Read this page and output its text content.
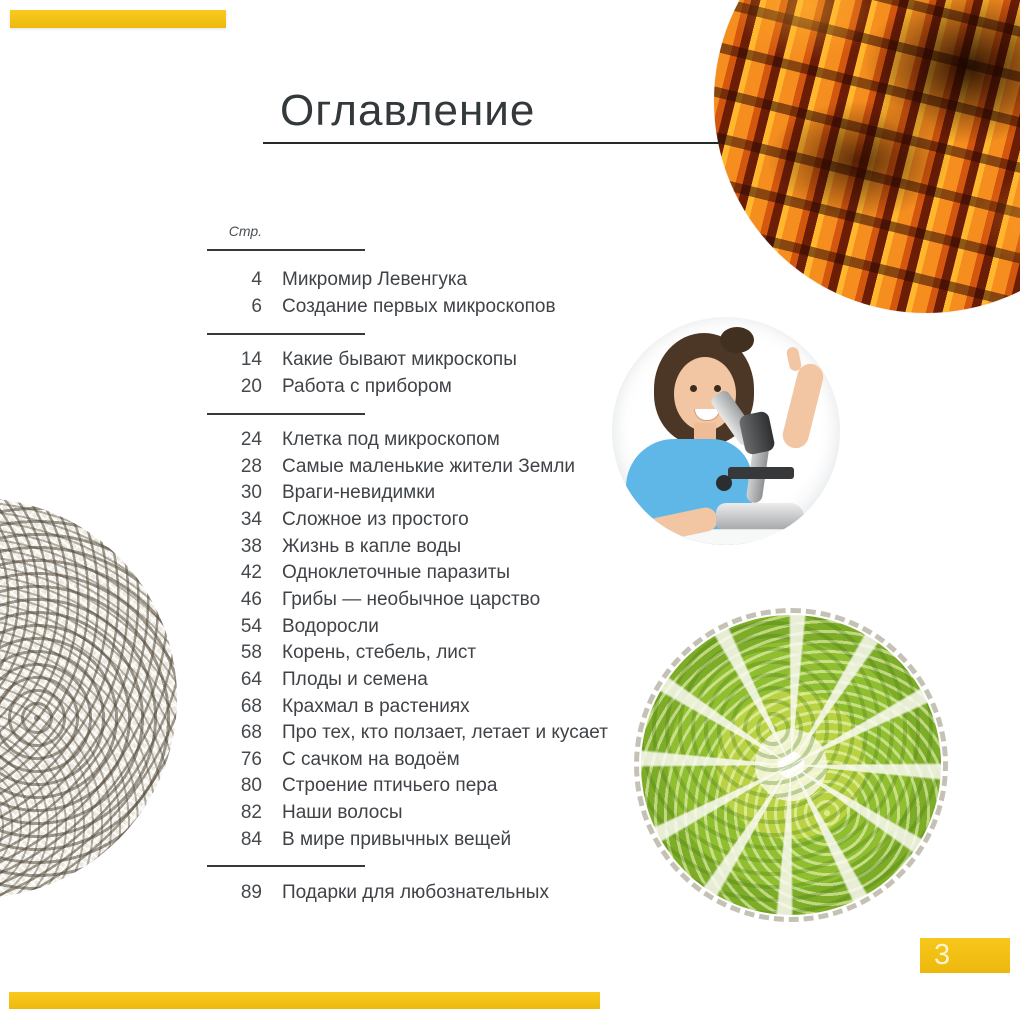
Оглавление
Стр.
4 Микромир Левенгука
6 Создание первых микроскопов
14 Какие бывают микроскопы
20 Работа с прибором
24 Клетка под микроскопом
28 Самые маленькие жители Земли
30 Враги-невидимки
34 Сложное из простого
38 Жизнь в капле воды
42 Одноклеточные паразиты
46 Грибы — необычное царство
54 Водоросли
58 Корень, стебель, лист
64 Плоды и семена
68 Крахмал в растениях
68 Про тех, кто ползает, летает и кусает
76 С сачком на водоём
80 Строение птичьего пера
82 Наши волосы
84 В мире привычных вещей
89 Подарки для любознательных
3
